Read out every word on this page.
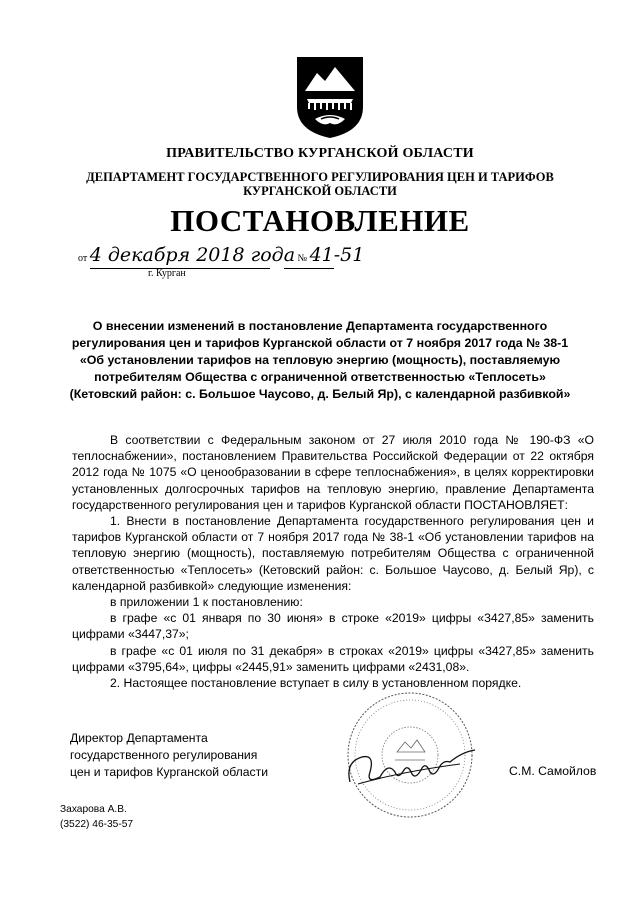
ПРАВИТЕЛЬСТВО КУРГАНСКОЙ ОБЛАСТИ
ДЕПАРТАМЕНТ ГОСУДАРСТВЕННОГО РЕГУЛИРОВАНИЯ ЦЕН И ТАРИФОВ
КУРГАНСКОЙ ОБЛАСТИ
ПОСТАНОВЛЕНИЕ
от 4 декабря 2018 года № 41-51
г. Курган
О внесении изменений в постановление Департамента государственного
регулирования цен и тарифов Курганской области от 7 ноября 2017 года № 38-1
«Об установлении тарифов на тепловую энергию (мощность), поставляемую
потребителям Общества с ограниченной ответственностью «Теплосеть»
(Кетовский район: с. Большое Чаусово, д. Белый Яр), с календарной разбивкой»

В соответствии с Федеральным законом от 27 июля 2010 года № 190-ФЗ «О теплоснабжении», постановлением Правительства Российской Федерации от 22 октября 2012 года № 1075 «О ценообразовании в сфере теплоснабжения», в целях корректировки установленных долгосрочных тарифов на тепловую энергию, правление Департамента государственного регулирования цен и тарифов Курганской области ПОСТАНОВЛЯЕТ:

1. Внести в постановление Департамента государственного регулирования цен и тарифов Курганской области от 7 ноября 2017 года № 38-1 «Об установлении тарифов на тепловую энергию (мощность), поставляемую потребителям Общества с ограниченной ответственностью «Теплосеть» (Кетовский район: с. Большое Чаусово, д. Белый Яр), с календарной разбивкой» следующие изменения:

в приложении 1 к постановлению:

в графе «с 01 января по 30 июня» в строке «2019» цифры «3427,85» заменить цифрами «3447,37»;

в графе «с 01 июля по 31 декабря» в строках «2019» цифры «3427,85» заменить цифрами «3795,64», цифры «2445,91» заменить цифрами «2431,08».

2. Настоящее постановление вступает в силу в установленном порядке.

Директор Департамента
государственного регулирования
цен и тарифов Курганской области	С.М. Самойлов
Захарова А.В.
(3522) 46-35-57
